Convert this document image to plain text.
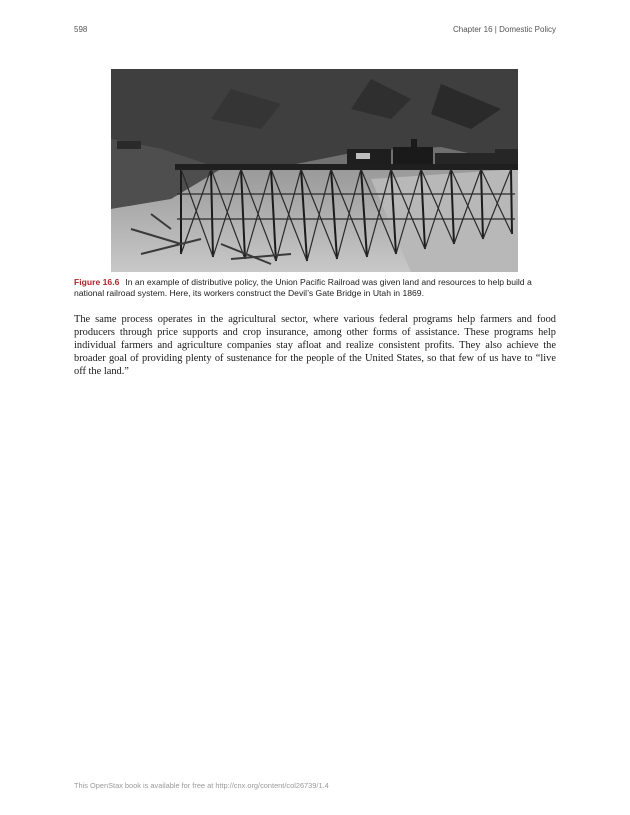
598	Chapter 16 | Domestic Policy
Figure 16.6 In an example of distributive policy, the Union Pacific Railroad was given land and resources to help build a national railroad system. Here, its workers construct the Devil’s Gate Bridge in Utah in 1869.

The same process operates in the agricultural sector, where various federal programs help farmers and food producers through price supports and crop insurance, among other forms of assistance. These programs help individual farmers and agriculture companies stay afloat and realize consistent profits. They also achieve the broader goal of providing plenty of sustenance for the people of the United States, so that few of us have to “live off the land.”

This OpenStax book is available for free at http://cnx.org/content/col26739/1.4
